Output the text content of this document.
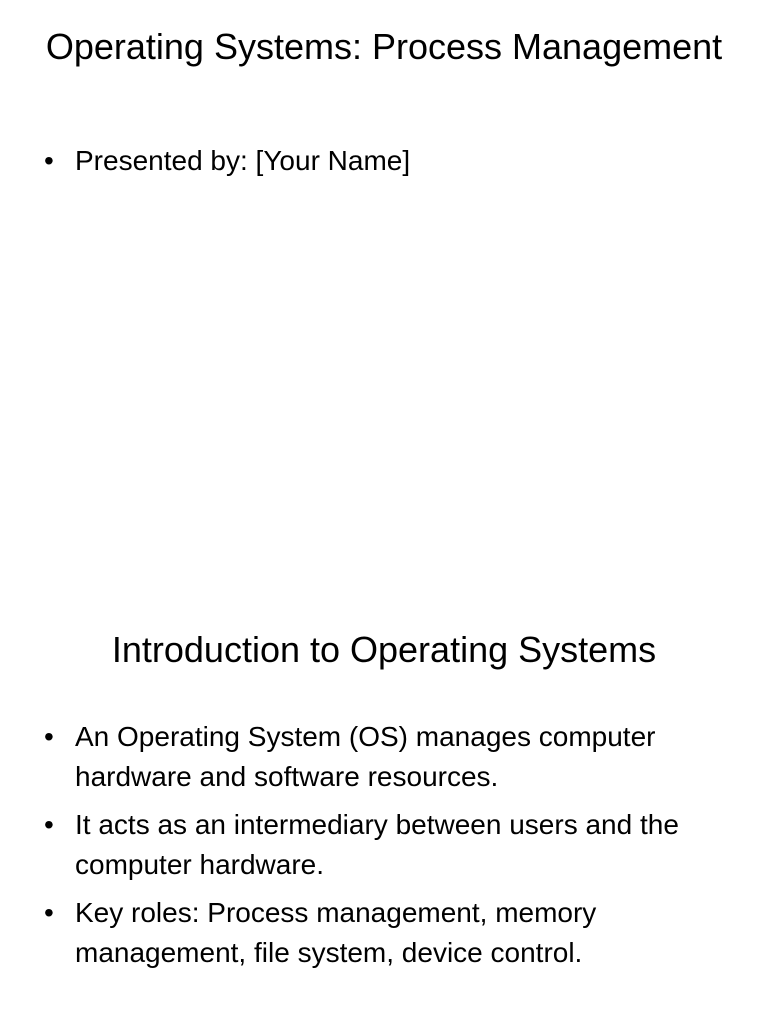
Operating Systems: Process Management
• Presented by: [Your Name]
Introduction to Operating Systems
• An Operating System (OS) manages computer hardware and software resources.
• It acts as an intermediary between users and the computer hardware.
• Key roles: Process management, memory management, file system, device control.
